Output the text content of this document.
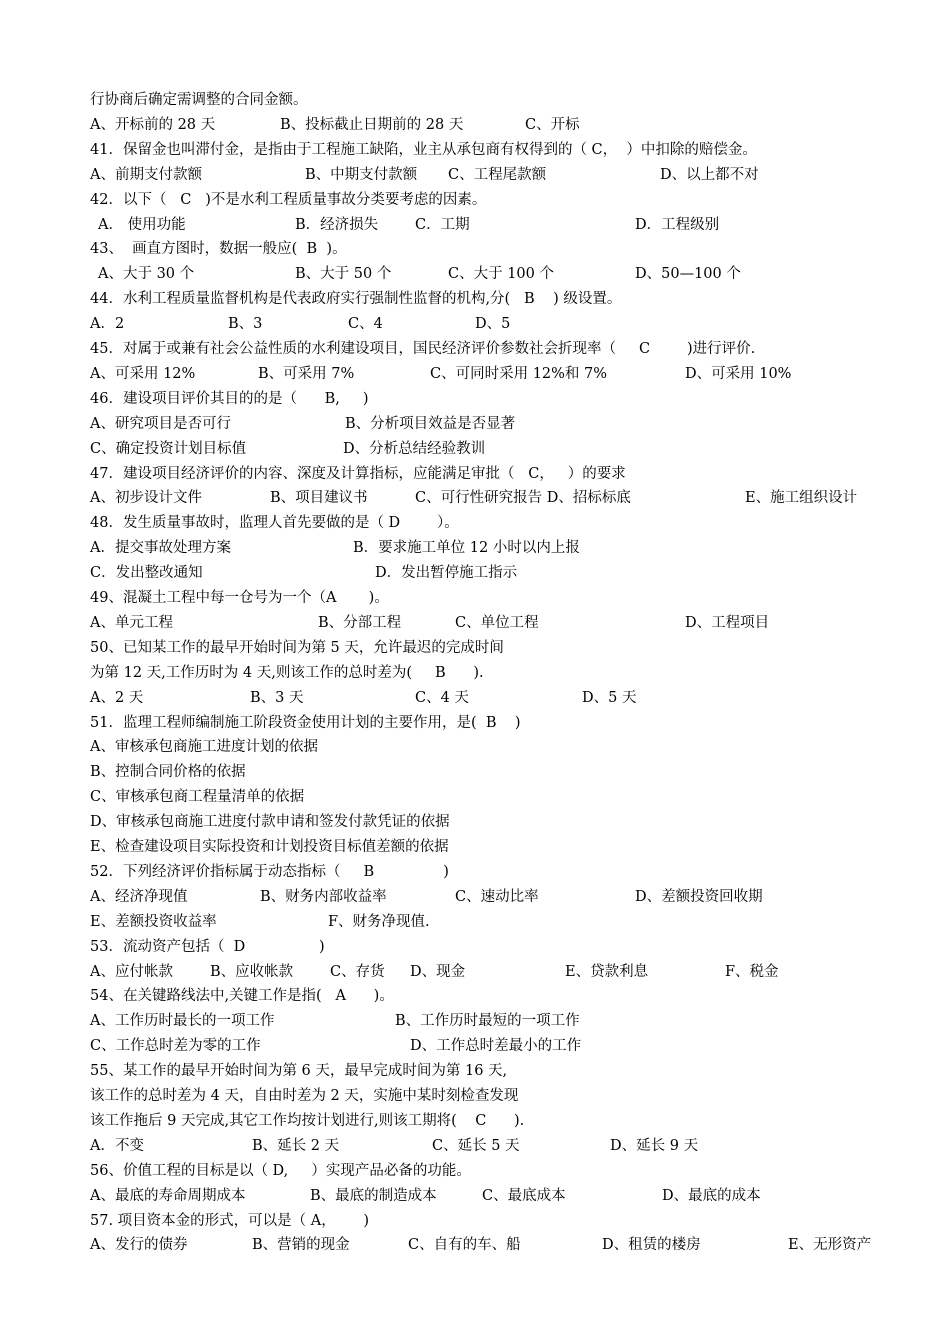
行协商后确定需调整的合同金额。
A、开标前的 28 天	B、投标截止日期前的 28 天	C、开标
41．保留金也叫滞付金，是指由于工程施工缺陷，业主从承包商有权得到的（ C，  ）中扣除的赔偿金。
A、前期支付款额	B、中期支付款额 C、工程尾款额	D、以上都不对
42．以下（   C   )不是水利工程质量事故分类要考虑的因素。
A． 使用功能	B．经济损失	C．工期	D．工程级别
43、  画直方图时，数据一般应(  B  )。
A、大于 30 个	B、大于 50 个	C、大于 100 个	D、50—100 个
44．水利工程质量监督机构是代表政府实行强制性监督的机构,分(   B    ) 级设置。
A．2	B、3	C、4	D、5
45．对属于或兼有社会公益性质的水利建设项目，国民经济评价参数社会折现率（     C        )进行评价.
A、可采用 12%	B、可采用 7%	C、可同时采用 12%和 7%	D、可采用 10%
46．建设项目评价其目的的是（      B,     )
A、研究项目是否可行	B、分析项目效益是否显著
C、确定投资计划目标值	D、分析总结经验教训
47．建设项目经济评价的内容、深度及计算指标，应能满足审批（   C，   ）的要求
A、初步设计文件	B、项目建议书	C、可行性研究报告 D、招标标底	E、施工组织设计
48．发生质量事故时，监理人首先要做的是（ D        ）。
A．提交事故处理方案	B．要求施工单位 12 小时以内上报
C．发出整改通知	D．发出暂停施工指示
49、混凝土工程中每一仓号为一个（A       )。
A、单元工程	B、分部工程	C、单位工程	D、工程项目
50、已知某工作的最早开始时间为第 5 天，允许最迟的完成时间
为第 12 天,工作历时为 4 天,则该工作的总时差为(     B      ).
A、2 天	B、3 天	C、4 天	D、5 天
51．监理工程师编制施工阶段资金使用计划的主要作用，是(  B    )
A、审核承包商施工进度计划的依据
B、控制合同价格的依据
C、审核承包商工程量清单的依据
D、审核承包商施工进度付款申请和签发付款凭证的依据
E、检查建设项目实际投资和计划投资目标值差额的依据
52．下列经济评价指标属于动态指标（     B               )
A、经济净现值	B、财务内部收益率	C、速动比率	D、差额投资回收期
E、差额投资收益率	F、财务净现值.
53．流动资产包括（  D                )
A、应付帐款	B、应收帐款	C、存货 D、现金	E、贷款利息	F、税金
54、在关键路线法中,关键工作是指(   A      )。
A、工作历时最长的一项工作	B、工作历时最短的一项工作
C、工作总时差为零的工作	D、工作总时差最小的工作
55、某工作的最早开始时间为第 6 天，最早完成时间为第 16 天,
该工作的总时差为 4 天，自由时差为 2 天，实施中某时刻检查发现
该工作拖后 9 天完成,其它工作均按计划进行,则该工期将(    C      ).
A．不变	B、延长 2 天	C、延长 5 天	D、延长 9 天
56、价值工程的目标是以（ D,     ）实现产品必备的功能。
A、最底的寿命周期成本	B、最底的制造成本	C、最底成本	D、最底的成本
57. 项目资本金的形式，可以是（ A，      )
A、发行的债券	B、营销的现金	C、自有的车、船	D、租赁的楼房	E、无形资产
